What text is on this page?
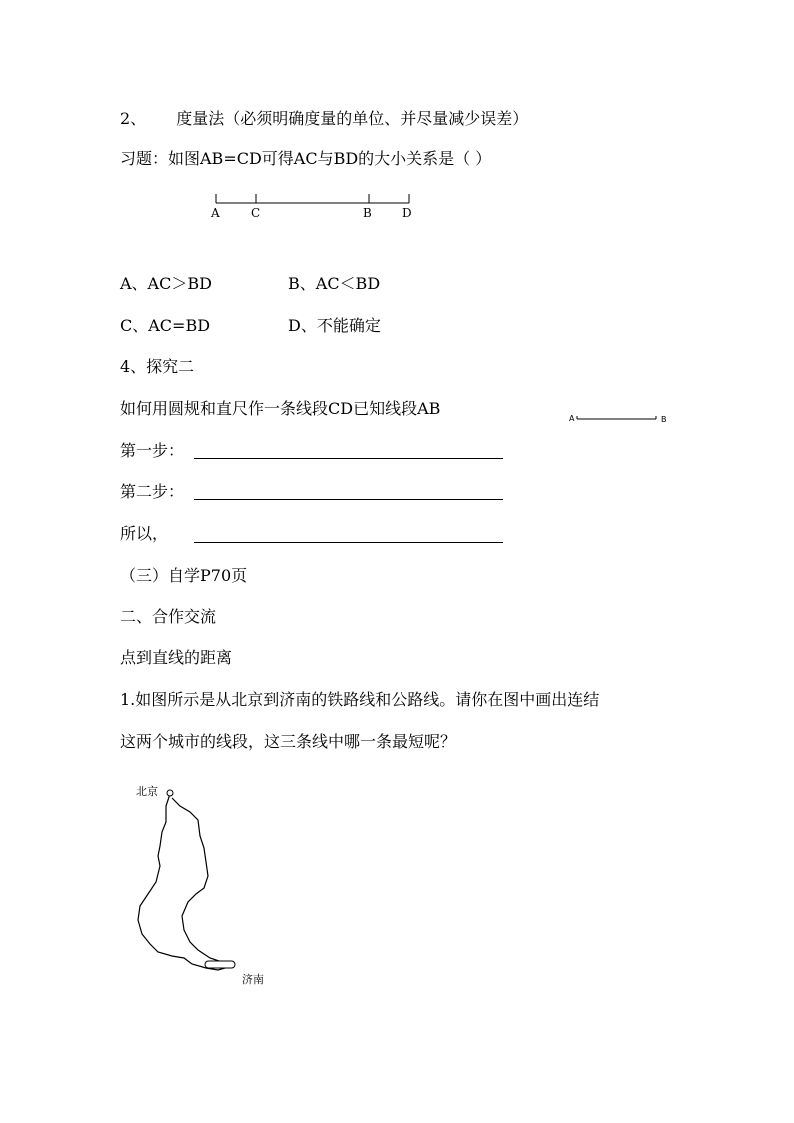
2、 度量法（必须明确度量的单位、并尽量减少误差）
习题：如图AB=CD可得AC与BD的大小关系是（ ）
A	C	B	D
A、AC＞BD	B、AC＜BD
C、AC=BD	D、不能确定
4、探究二
如何用圆规和直尺作一条线段CD已知线段AB
A	B
第一步：
第二步：
所以，
（三）自学P70页
二、合作交流
点到直线的距离
1.如图所示是从北京到济南的铁路线和公路线。请你在图中画出连结
这两个城市的线段，这三条线中哪一条最短呢？
北京
济南
